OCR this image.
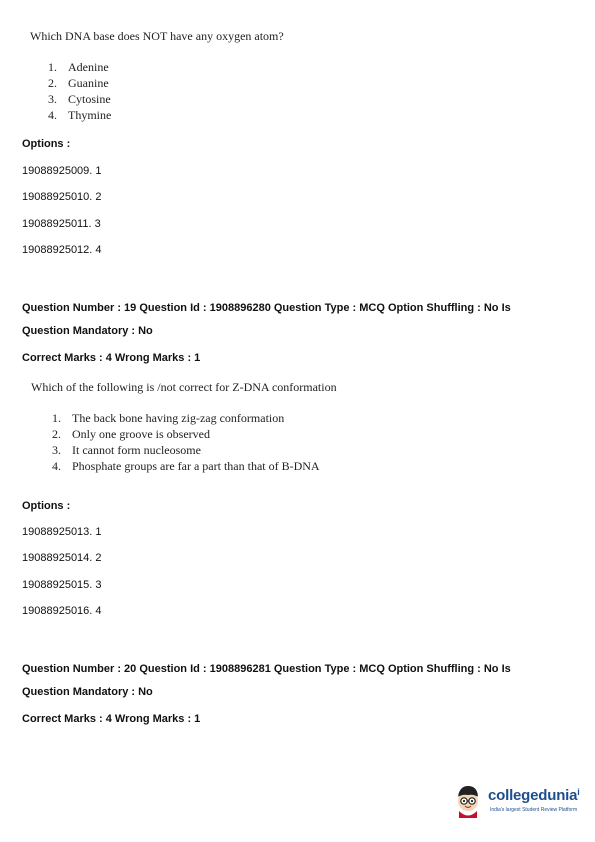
Which DNA base does NOT have any oxygen atom?
1. Adenine
2. Guanine
3. Cytosine
4. Thymine
Options :
19088925009. 1
19088925010. 2
19088925011. 3
19088925012. 4
Question Number : 19 Question Id : 1908896280 Question Type : MCQ Option Shuffling : No Is
Question Mandatory : No
Correct Marks : 4 Wrong Marks : 1
Which of the following is /not correct for Z-DNA conformation
1. The back bone having zig-zag conformation
2. Only one groove is observed
3. It cannot form nucleosome
4. Phosphate groups are far a part than that of B-DNA
Options :
19088925013. 1
19088925014. 2
19088925015. 3
19088925016. 4
Question Number : 20 Question Id : 1908896281 Question Type : MCQ Option Shuffling : No Is
Question Mandatory : No
Correct Marks : 4 Wrong Marks : 1
collegedunia$^i$
India's largest Student Review Platform
